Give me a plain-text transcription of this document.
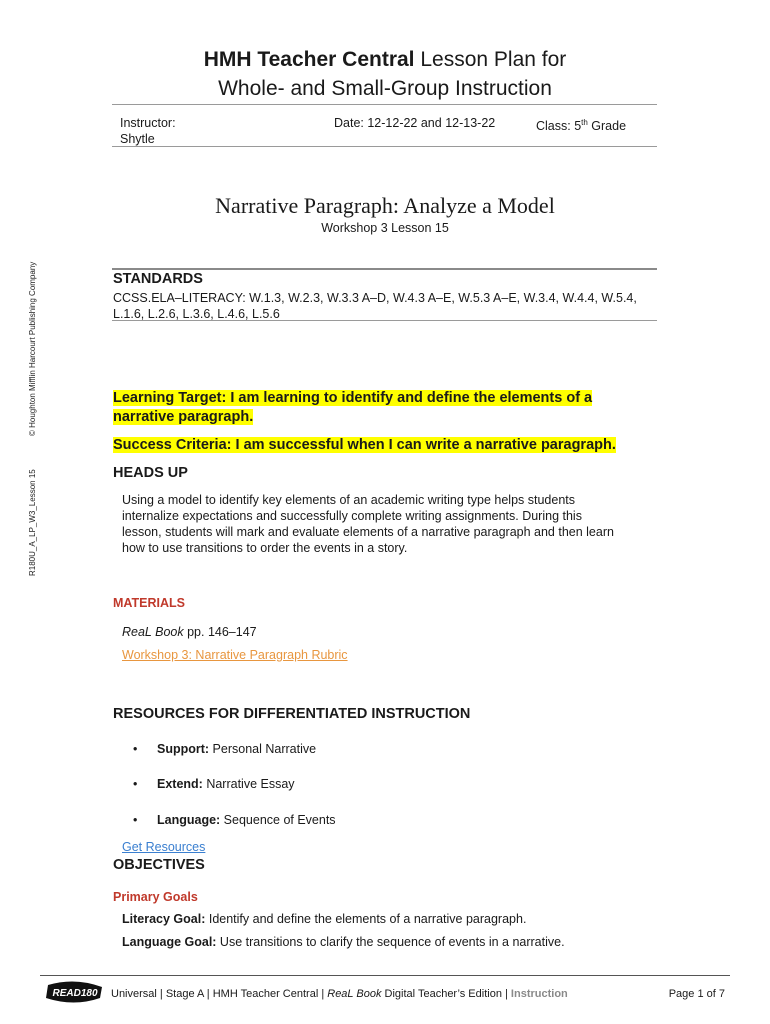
HMH Teacher Central Lesson Plan for
Whole- and Small-Group Instruction
Instructor:
Shytle
Date: 12-12-22 and 12-13-22	Class: 5th Grade
Narrative Paragraph: Analyze a Model
Workshop 3 Lesson 15
STANDARDS
CCSS.ELA–LITERACY: W.1.3, W.2.3, W.3.3 A–D, W.4.3 A–E, W.5.3 A–E, W.3.4, W.4.4, W.5.4,
L.1.6, L.2.6, L.3.6, L.4.6, L.5.6
Learning Target: I am learning to identify and define the elements of a
narrative paragraph.
Success Criteria: I am successful when I can write a narrative paragraph.
HEADS UP
Using a model to identify key elements of an academic writing type helps students
internalize expectations and successfully complete writing assignments. During this
lesson, students will mark and evaluate elements of a narrative paragraph and then learn
how to use transitions to order the events in a story.
MATERIALS
ReaL Book pp. 146–147
Workshop 3: Narrative Paragraph Rubric
RESOURCES FOR DIFFERENTIATED INSTRUCTION
• Support: Personal Narrative
• Extend: Narrative Essay
• Language: Sequence of Events
Get Resources
OBJECTIVES
Primary Goals
Literacy Goal: Identify and define the elements of a narrative paragraph.
Language Goal: Use transitions to clarify the sequence of events in a narrative.
© Houghton Mifflin Harcourt Publishing Company
R180U_A_LP_W3_Lesson 15
READ180 Universal | Stage A | HMH Teacher Central | ReaL Book Digital Teacher’s Edition | Instruction	Page 1 of 7
